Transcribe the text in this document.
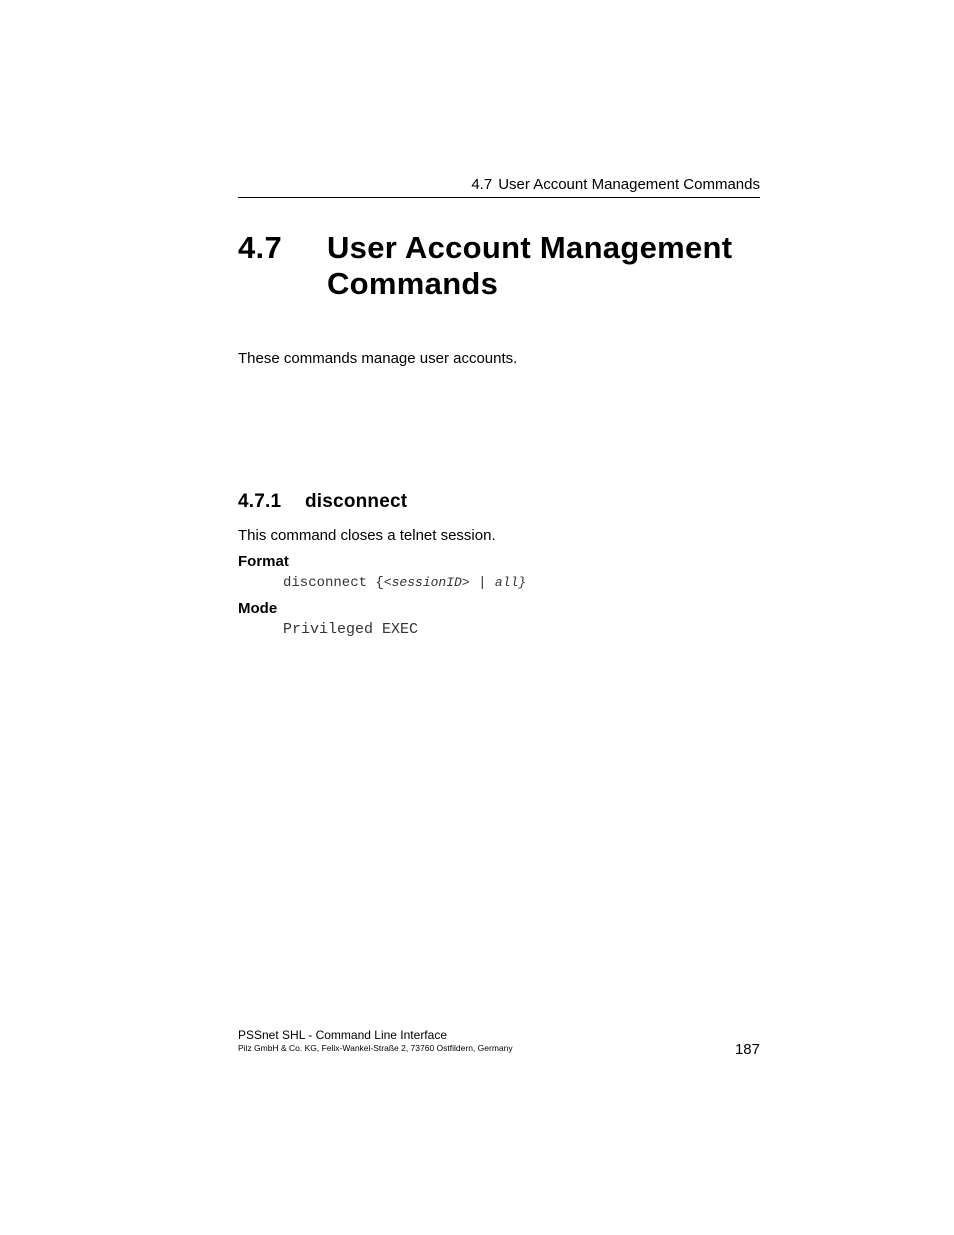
4.7 User Account Management Commands
4.7 User Account Management
Commands
These commands manage user accounts.
4.7.1 disconnect
This command closes a telnet session.
Format
disconnect {<sessionID> | all}
Mode
Privileged EXEC
PSSnet SHL - Command Line Interface
Pilz GmbH & Co. KG, Felix-Wankel-Straße 2, 73760 Ostfildern, Germany	187
